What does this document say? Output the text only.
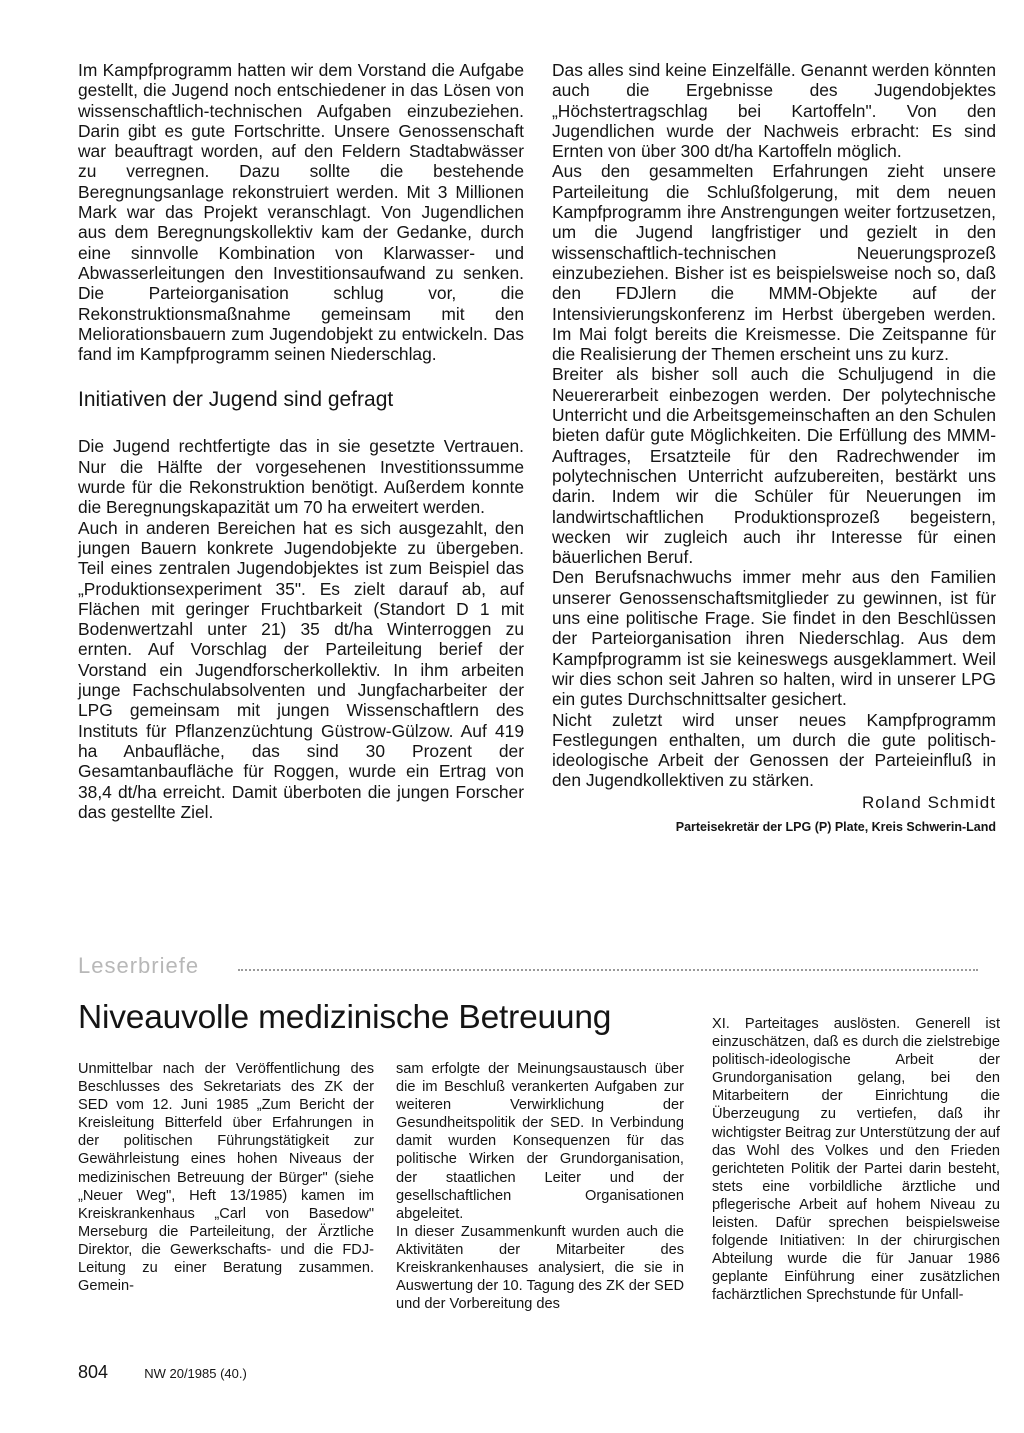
Im Kampfprogramm hatten wir dem Vorstand die Aufgabe gestellt, die Jugend noch entschiedener in das Lösen von wissenschaftlich-technischen Aufgaben einzubeziehen. Darin gibt es gute Fortschritte. Unsere Genossenschaft war beauftragt worden, auf den Feldern Stadtabwässer zu verregnen. Dazu sollte die bestehende Beregnungsanlage rekonstruiert werden. Mit 3 Millionen Mark war das Projekt veranschlagt. Von Jugendlichen aus dem Beregnungskollektiv kam der Gedanke, durch eine sinnvolle Kombination von Klarwasser- und Abwasserleitungen den Investitionsaufwand zu senken. Die Parteiorganisation schlug vor, die Rekonstruktionsmaßnahme gemeinsam mit den Meliorationsbauern zum Jugendobjekt zu entwickeln. Das fand im Kampfprogramm seinen Niederschlag.

Initiativen der Jugend sind gefragt

Die Jugend rechtfertigte das in sie gesetzte Vertrauen. Nur die Hälfte der vorgesehenen Investitionssumme wurde für die Rekonstruktion benötigt. Außerdem konnte die Beregnungskapazität um 70 ha erweitert werden.

Auch in anderen Bereichen hat es sich ausgezahlt, den jungen Bauern konkrete Jugendobjekte zu übergeben. Teil eines zentralen Jugendobjektes ist zum Beispiel das „Produktionsexperiment 35". Es zielt darauf ab, auf Flächen mit geringer Fruchtbarkeit (Standort D 1 mit Bodenwertzahl unter 21) 35 dt/ha Winterroggen zu ernten. Auf Vorschlag der Parteileitung berief der Vorstand ein Jugendforscherkollektiv. In ihm arbeiten junge Fachschulabsolventen und Jungfacharbeiter der LPG gemeinsam mit jungen Wissenschaftlern des Instituts für Pflanzenzüchtung Güstrow-Gülzow. Auf 419 ha Anbaufläche, das sind 30 Prozent der Gesamtanbaufläche für Roggen, wurde ein Ertrag von 38,4 dt/ha erreicht. Damit überboten die jungen Forscher das gestellte Ziel.

Das alles sind keine Einzelfälle. Genannt werden könnten auch die Ergebnisse des Jugendobjektes „Höchstertragschlag bei Kartoffeln". Von den Jugendlichen wurde der Nachweis erbracht: Es sind Ernten von über 300 dt/ha Kartoffeln möglich.

Aus den gesammelten Erfahrungen zieht unsere Parteileitung die Schlußfolgerung, mit dem neuen Kampfprogramm ihre Anstrengungen weiter fortzusetzen, um die Jugend langfristiger und gezielt in den wissenschaftlich-technischen Neuerungsprozeß einzubeziehen. Bisher ist es beispielsweise noch so, daß den FDJlern die MMM-Objekte auf der Intensivierungskonferenz im Herbst übergeben werden. Im Mai folgt bereits die Kreismesse. Die Zeitspanne für die Realisierung der Themen erscheint uns zu kurz.

Breiter als bisher soll auch die Schuljugend in die Neuererarbeit einbezogen werden. Der polytechnische Unterricht und die Arbeitsgemeinschaften an den Schulen bieten dafür gute Möglichkeiten. Die Erfüllung des MMM-Auftrages, Ersatzteile für den Radrechwender im polytechnischen Unterricht aufzubereiten, bestärkt uns darin. Indem wir die Schüler für Neuerungen im landwirtschaftlichen Produktionsprozeß begeistern, wecken wir zugleich auch ihr Interesse für einen bäuerlichen Beruf.

Den Berufsnachwuchs immer mehr aus den Familien unserer Genossenschaftsmitglieder zu gewinnen, ist für uns eine politische Frage. Sie findet in den Beschlüssen der Parteiorganisation ihren Niederschlag. Aus dem Kampfprogramm ist sie keineswegs ausgeklammert. Weil wir dies schon seit Jahren so halten, wird in unserer LPG ein gutes Durchschnittsalter gesichert.

Nicht zuletzt wird unser neues Kampfprogramm Festlegungen enthalten, um durch die gute politisch-ideologische Arbeit der Genossen der Parteieinfluß in den Jugendkollektiven zu stärken.

Roland Schmidt
Parteisekretär der LPG (P) Plate, Kreis Schwerin-Land
Leserbriefe
Niveauvolle medizinische Betreuung

Unmittelbar nach der Veröffentlichung des Beschlusses des Sekretariats des ZK der SED vom 12. Juni 1985 „Zum Bericht der Kreisleitung Bitterfeld über Erfahrungen in der politischen Führungstätigkeit zur Gewährleistung eines hohen Niveaus der medizinischen Betreuung der Bürger" (siehe „Neuer Weg", Heft 13/1985) kamen im Kreiskrankenhaus „Carl von Basedow" Merseburg die Parteileitung, der Ärztliche Direktor, die Gewerkschafts- und die FDJ-Leitung zu einer Beratung zusammen. Gemein-

sam erfolgte der Meinungsaustausch über die im Beschluß verankerten Aufgaben zur weiteren Verwirklichung der Gesundheitspolitik der SED. In Verbindung damit wurden Konsequenzen für das politische Wirken der Grundorganisation, der staatlichen Leiter und der gesellschaftlichen Organisationen abgeleitet.

In dieser Zusammenkunft wurden auch die Aktivitäten der Mitarbeiter des Kreiskrankenhauses analysiert, die sie in Auswertung der 10. Tagung des ZK der SED und der Vorbereitung des

XI. Parteitages auslösten. Generell ist einzuschätzen, daß es durch die zielstrebige politisch-ideologische Arbeit der Grundorganisation gelang, bei den Mitarbeitern der Einrichtung die Überzeugung zu vertiefen, daß ihr wichtigster Beitrag zur Unterstützung der auf das Wohl des Volkes und den Frieden gerichteten Politik der Partei darin besteht, stets eine vorbildliche ärztliche und pflegerische Arbeit auf hohem Niveau zu leisten. Dafür sprechen beispielsweise folgende Initiativen: In der chirurgischen Abteilung wurde die für Januar 1986 geplante Einführung einer zusätzlichen fachärztlichen Sprechstunde für Unfall-

804	NW 20/1985 (40.)
